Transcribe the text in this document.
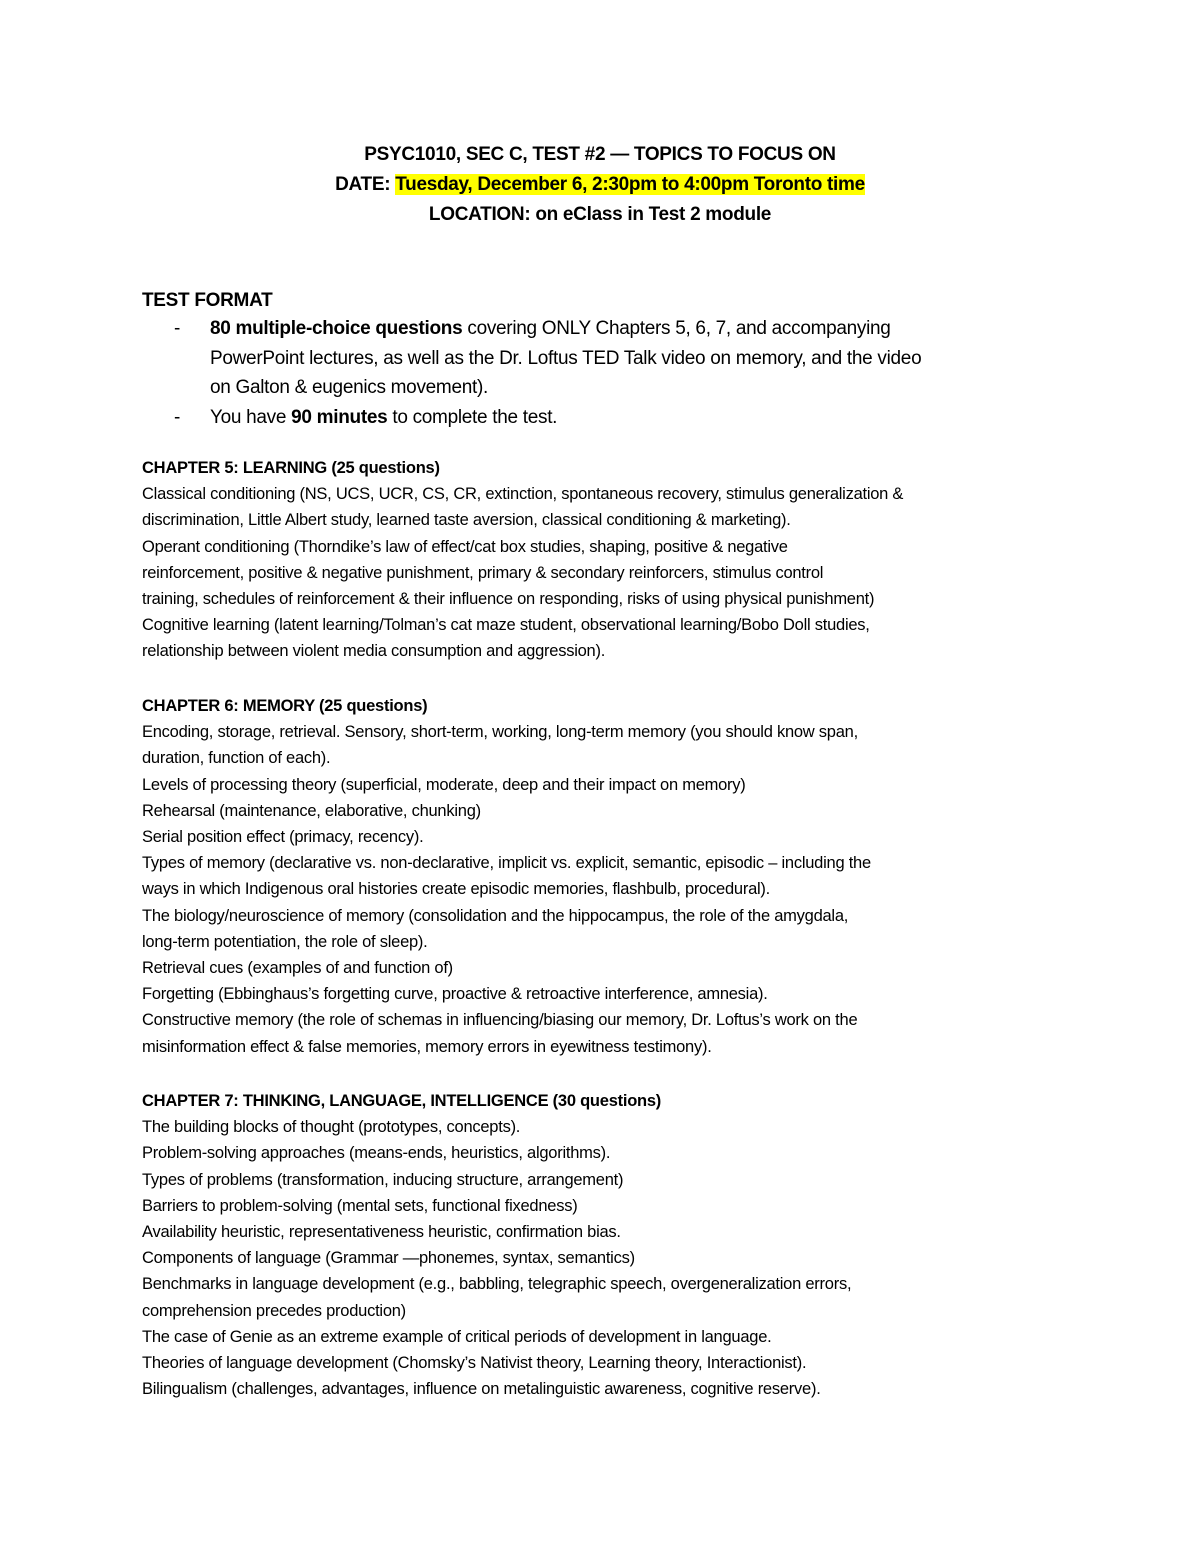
PSYC1010, SEC C, TEST #2 — TOPICS TO FOCUS ON
DATE: Tuesday, December 6, 2:30pm to 4:00pm Toronto time
LOCATION: on eClass in Test 2 module
TEST FORMAT
-	80 multiple-choice questions covering ONLY Chapters 5, 6, 7, and accompanying
PowerPoint lectures, as well as the Dr. Loftus TED Talk video on memory, and the video
on Galton & eugenics movement).
-	You have 90 minutes to complete the test.
CHAPTER 5: LEARNING (25 questions)
Classical conditioning (NS, UCS, UCR, CS, CR, extinction, spontaneous recovery, stimulus generalization &
discrimination, Little Albert study, learned taste aversion, classical conditioning & marketing).
Operant conditioning (Thorndike’s law of effect/cat box studies, shaping, positive & negative
reinforcement, positive & negative punishment, primary & secondary reinforcers, stimulus control
training, schedules of reinforcement & their influence on responding, risks of using physical punishment)
Cognitive learning (latent learning/Tolman’s cat maze student, observational learning/Bobo Doll studies,
relationship between violent media consumption and aggression).
CHAPTER 6: MEMORY (25 questions)
Encoding, storage, retrieval. Sensory, short-term, working, long-term memory (you should know span,
duration, function of each).
Levels of processing theory (superficial, moderate, deep and their impact on memory)
Rehearsal (maintenance, elaborative, chunking)
Serial position effect (primacy, recency).
Types of memory (declarative vs. non-declarative, implicit vs. explicit, semantic, episodic – including the
ways in which Indigenous oral histories create episodic memories, flashbulb, procedural).
The biology/neuroscience of memory (consolidation and the hippocampus, the role of the amygdala,
long-term potentiation, the role of sleep).
Retrieval cues (examples of and function of)
Forgetting (Ebbinghaus’s forgetting curve, proactive & retroactive interference, amnesia).
Constructive memory (the role of schemas in influencing/biasing our memory, Dr. Loftus’s work on the
misinformation effect & false memories, memory errors in eyewitness testimony).
CHAPTER 7: THINKING, LANGUAGE, INTELLIGENCE (30 questions)
The building blocks of thought (prototypes, concepts).
Problem-solving approaches (means-ends, heuristics, algorithms).
Types of problems (transformation, inducing structure, arrangement)
Barriers to problem-solving (mental sets, functional fixedness)
Availability heuristic, representativeness heuristic, confirmation bias.
Components of language (Grammar —phonemes, syntax, semantics)
Benchmarks in language development (e.g., babbling, telegraphic speech, overgeneralization errors,
comprehension precedes production)
The case of Genie as an extreme example of critical periods of development in language.
Theories of language development (Chomsky’s Nativist theory, Learning theory, Interactionist).
Bilingualism (challenges, advantages, influence on metalinguistic awareness, cognitive reserve).
